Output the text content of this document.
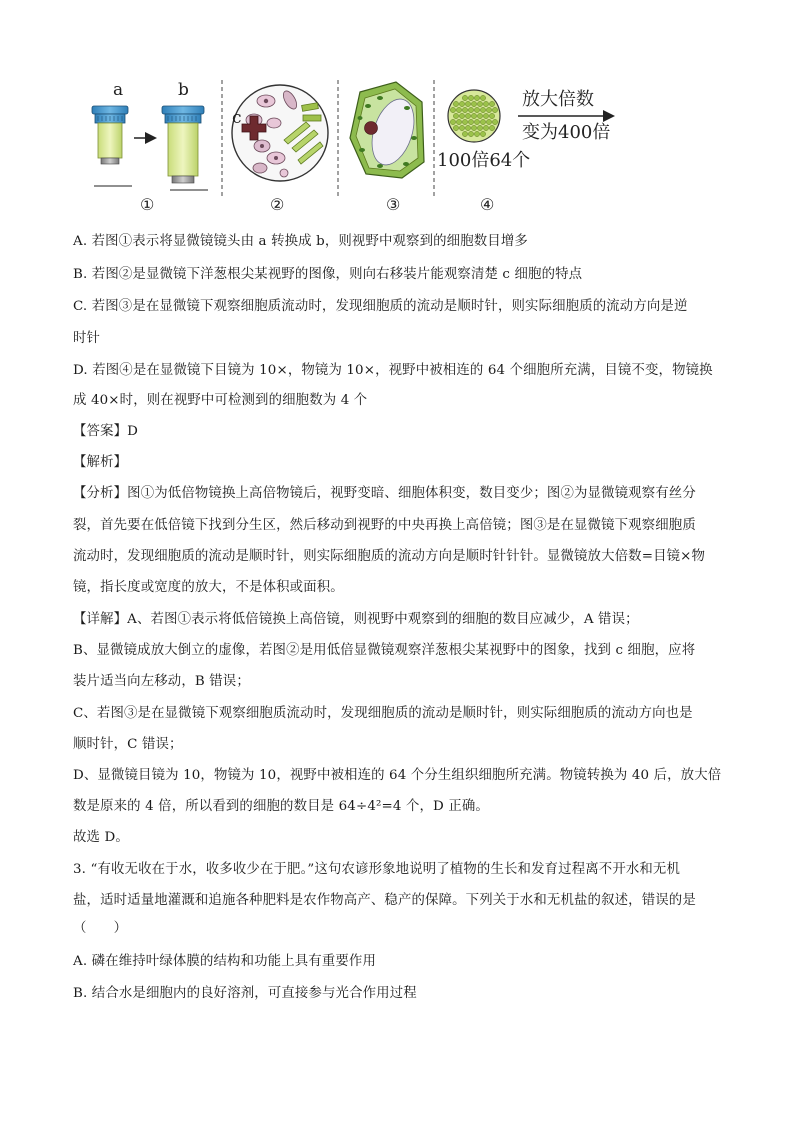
a	b
①
c
②	③
放大倍数
变为400倍
100倍64个
④
A. 若图①表示将显微镜镜头由 a 转换成 b，则视野中观察到的细胞数目增多
B. 若图②是显微镜下洋葱根尖某视野的图像，则向右移装片能观察清楚 c 细胞的特点
C. 若图③是在显微镜下观察细胞质流动时，发现细胞质的流动是顺时针，则实际细胞质的流动方向是逆
时针
D. 若图④是在显微镜下目镜为 10×，物镜为 10×，视野中被相连的 64 个细胞所充满，目镜不变，物镜换
成 40×时，则在视野中可检测到的细胞数为 4 个
【答案】D
【解析】
【分析】图①为低倍物镜换上高倍物镜后，视野变暗、细胞体积变，数目变少；图②为显微镜观察有丝分
裂，首先要在低倍镜下找到分生区，然后移动到视野的中央再换上高倍镜；图③是在显微镜下观察细胞质
流动时，发现细胞质的流动是顺时针，则实际细胞质的流动方向是顺时针针针。显微镜放大倍数=目镜×物
镜，指长度或宽度的放大，不是体积或面积。
【详解】A、若图①表示将低倍镜换上高倍镜，则视野中观察到的细胞的数目应减少，A 错误；
B、显微镜成放大倒立的虚像，若图②是用低倍显微镜观察洋葱根尖某视野中的图象，找到 c 细胞，应将
装片适当向左移动，B 错误；
C、若图③是在显微镜下观察细胞质流动时，发现细胞质的流动是顺时针，则实际细胞质的流动方向也是
顺时针，C 错误；
D、显微镜目镜为 10，物镜为 10，视野中被相连的 64 个分生组织细胞所充满。物镜转换为 40 后，放大倍
数是原来的 4 倍，所以看到的细胞的数目是 64÷4²=4 个，D 正确。
故选 D。
3. “有收无收在于水，收多收少在于肥。”这句农谚形象地说明了植物的生长和发育过程离不开水和无机
盐，适时适量地灌溉和追施各种肥料是农作物高产、稳产的保障。下列关于水和无机盐的叙述，错误的是
（　　）
A. 磷在维持叶绿体膜的结构和功能上具有重要作用
B. 结合水是细胞内的良好溶剂，可直接参与光合作用过程
